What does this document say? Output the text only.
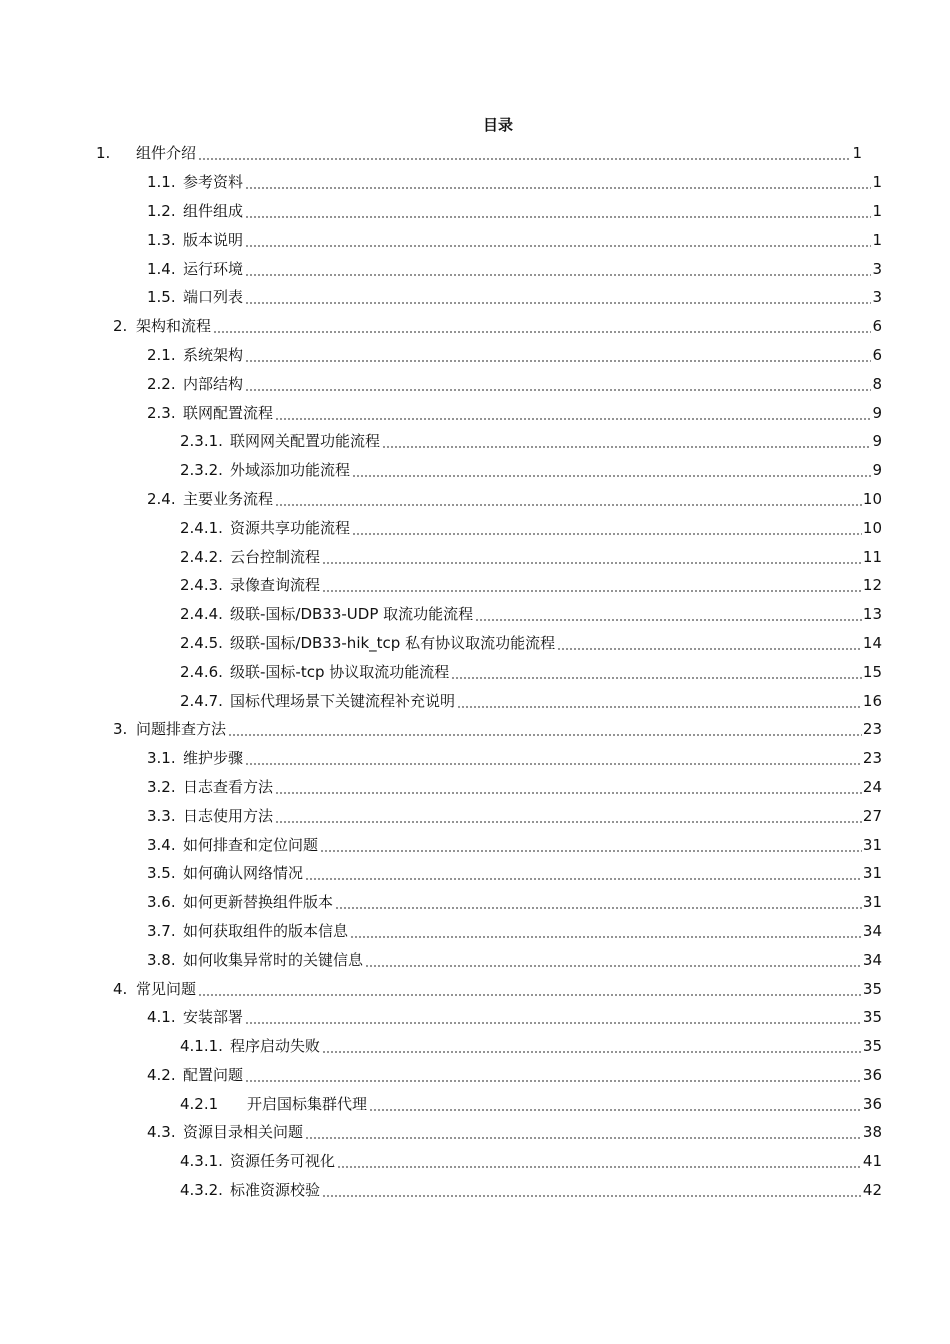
目录
1.	组件介绍	1
1.1. 参考资料	1
1.2. 组件组成	1
1.3. 版本说明	1
1.4. 运行环境	3
1.5. 端口列表	3
2. 架构和流程	6
2.1. 系统架构	6
2.2. 内部结构	8
2.3. 联网配置流程	9
2.3.1. 联网网关配置功能流程	9
2.3.2. 外域添加功能流程	9
2.4. 主要业务流程	10
2.4.1. 资源共享功能流程	10
2.4.2. 云台控制流程	11
2.4.3. 录像查询流程	12
2.4.4. 级联-国标/DB33-UDP 取流功能流程	13
2.4.5. 级联-国标/DB33-hik_tcp 私有协议取流功能流程	14
2.4.6. 级联-国标-tcp 协议取流功能流程	15
2.4.7. 国标代理场景下关键流程补充说明	16
3. 问题排查方法	23
3.1. 维护步骤	23
3.2. 日志查看方法	24
3.3. 日志使用方法	27
3.4. 如何排查和定位问题	31
3.5. 如何确认网络情况	31
3.6. 如何更新替换组件版本	31
3.7. 如何获取组件的版本信息	34
3.8. 如何收集异常时的关键信息	34
4. 常见问题	35
4.1. 安装部署	35
4.1.1. 程序启动失败	35
4.2. 配置问题	36
4.2.1	开启国标集群代理	36
4.3. 资源目录相关问题	38
4.3.1. 资源任务可视化	41
4.3.2. 标准资源校验	42
